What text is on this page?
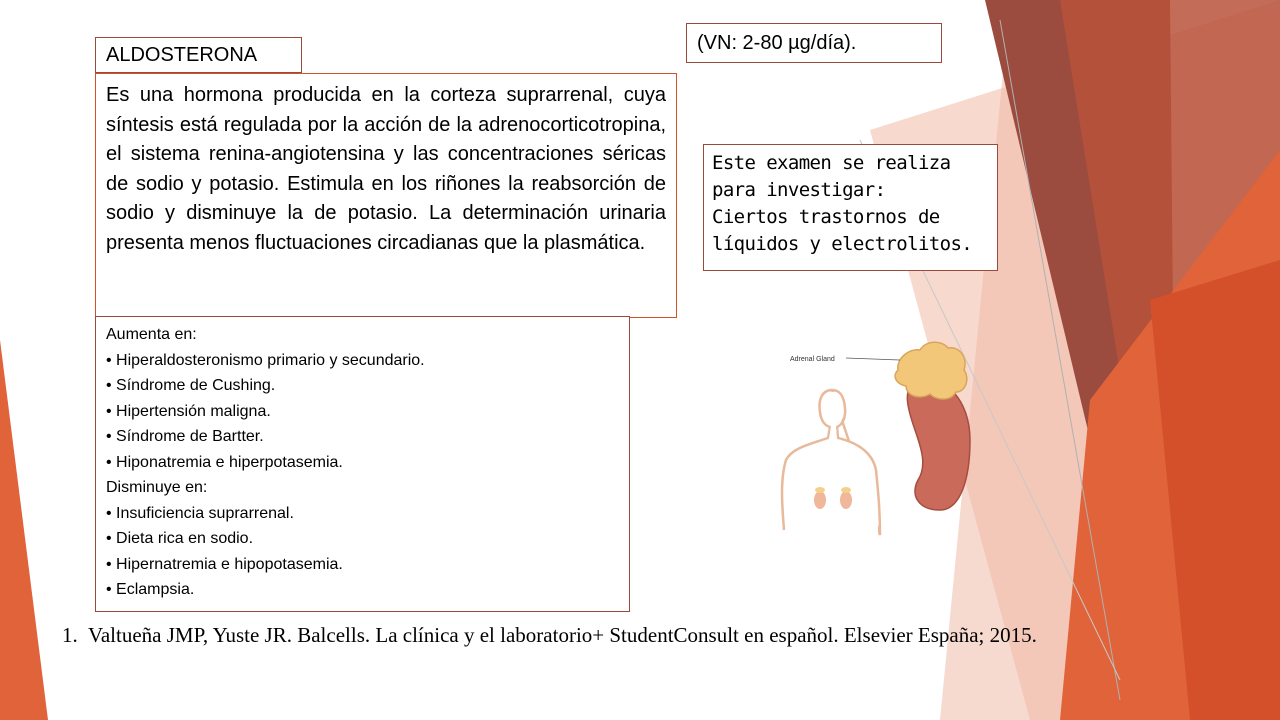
ALDOSTERONA
(VN: 2-80 µg/día).
Es una hormona producida en la corteza suprarrenal, cuya síntesis está regulada por la acción de la adrenocorticotropina, el sistema renina-angiotensina y las concentraciones séricas de sodio y potasio. Estimula en los riñones la reabsorción de sodio y disminuye la de potasio. La determinación urinaria presenta menos fluctuaciones circadianas que la plasmática.
Aumenta en:
• Hiperaldosteronismo primario y secundario.
• Síndrome de Cushing.
• Hipertensión maligna.
• Síndrome de Bartter.
• Hiponatremia e hiperpotasemia.
Disminuye en:
• Insuficiencia suprarrenal.
• Dieta rica en sodio.
• Hipernatremia e hipopotasemia.
• Eclampsia.
Este examen se realiza
para investigar:
Ciertos trastornos de
líquidos y electrolitos.
Adrenal Gland
1. Valtueña JMP, Yuste JR. Balcells. La clínica y el laboratorio+ StudentConsult en español. Elsevier España; 2015.
